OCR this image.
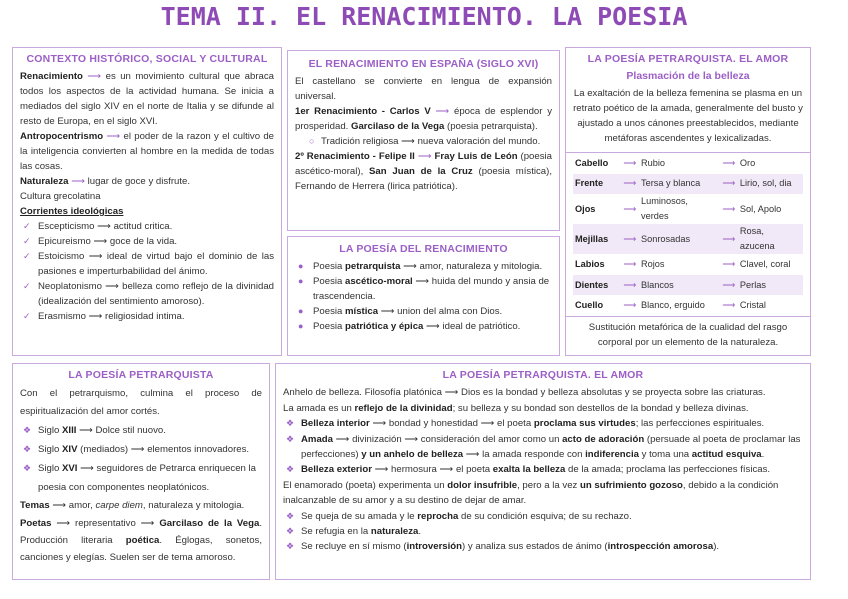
TEMA II. EL RENACIMIENTO. LA POESIA
CONTEXTO HISTÓRICO, SOCIAL Y CULTURAL

Renacimiento ⟶ es un movimiento cultural que abraca todos los aspectos de la actividad humana. Se inicia a mediados del siglo XIV en el norte de Italia y se difunde al resto de Europa, en el siglo XVI.

Antropocentrismo ⟶ el poder de la razon y el cultivo de la inteligencia convierten al hombre en la medida de todas las cosas.

Naturaleza ⟶ lugar de goce y disfrute.

Cultura grecolatina

Corrientes ideológicas

✓ Escepticismo ⟶ actitud critica.
✓ Epicureismo ⟶ goce de la vida.
✓ Estoicismo ⟶ ideal de virtud bajo el dominio de las pasiones e imperturbabilidad del ánimo.
✓ Neoplatonismo ⟶ belleza como reflejo de la divinidad (idealización del sentimiento amoroso).
✓ Erasmismo ⟶ religiosidad intima.
EL RENACIMIENTO EN ESPAÑA (SIGLO XVI)

El castellano se convierte en lengua de expansión universal.

1er Renacimiento - Carlos V ⟶ época de esplendor y prosperidad. Garcilaso de la Vega (poesia petrarquista).

○ Tradición religiosa ⟶ nueva valoración del mundo.

2º Renacimiento - Felipe II ⟶ Fray Luis de León (poesia ascético-moral), San Juan de la Cruz (poesia mística), Fernando de Herrera (lirica patriótica).

LA POESÍA DEL RENACIMIENTO
● Poesia petrarquista ⟶ amor, naturaleza y mitologia.
● Poesia ascético-moral ⟶ huida del mundo y ansia de trascendencia.
● Poesia mística ⟶ union del alma con Dios.
● Poesia patriótica y épica ⟶ ideal de patriótico.
LA POESÍA PETRARQUISTA. EL AMOR
Plasmación de la belleza

La exaltación de la belleza femenina se plasma en un retrato poético de la amada, generalmente del busto y ajustado a unos cánones preestablecidos, mediante metáforas ascendentes y lexicalizadas.

Cabello	⟶	Rubio	⟶	Oro
Frente	⟶	Tersa y blanca	⟶	Lirio, sol, dia
Ojos	⟶	Luminosos, verdes	⟶	Sol, Apolo
Mejillas	⟶	Sonrosadas	⟶	Rosa, azucena
Labios	⟶	Rojos	⟶	Clavel, coral
Dientes	⟶	Blancos	⟶	Perlas
Cuello	⟶	Blanco, erguido	⟶	Cristal

Sustitución metafórica de la cualidad del rasgo corporal por un elemento de la naturaleza.

LA POESÍA PETRARQUISTA

Con el petrarquismo, culmina el proceso de espiritualización del amor cortés.

❖ Siglo XIII ⟶ Dolce stil nuovo.
❖ Siglo XIV (mediados) ⟶ elementos innovadores.
❖ Siglo XVI ⟶ seguidores de Petrarca enriquecen la poesia con componentes neoplatónicos.

Temas ⟶ amor, carpe diem, naturaleza y mitologia.

Poetas ⟶ representativo ⟶ Garcilaso de la Vega. Producción literaria poética. Églogas, sonetos, canciones y elegías. Suelen ser de tema amoroso.

LA POESÍA PETRARQUISTA. EL AMOR

Anhelo de belleza. Filosofía platónica ⟶ Dios es la bondad y belleza absolutas y se proyecta sobre las criaturas.

La amada es un reflejo de la divinidad; su belleza y su bondad son destellos de la bondad y belleza divinas.

❖ Belleza interior ⟶ bondad y honestidad ⟶ el poeta proclama sus virtudes; las perfecciones espirituales.
❖ Amada ⟶ divinización ⟶ consideración del amor como un acto de adoración (persuade al poeta de proclamar las perfecciones) y un anhelo de belleza ⟶ la amada responde con indiferencia y toma una actitud esquiva.
❖ Belleza exterior ⟶ hermosura ⟶ el poeta exalta la belleza de la amada; proclama las perfecciones físicas.

El enamorado (poeta) experimenta un dolor insufrible, pero a la vez un sufrimiento gozoso, debido a la condición inalcanzable de su amor y a su destino de dejar de amar.

❖ Se queja de su amada y le reprocha de su condición esquiva; de su rechazo.
❖ Se refugia en la naturaleza.
❖ Se recluye en sí mismo (introversión) y analiza sus estados de ánimo (introspección amorosa).
